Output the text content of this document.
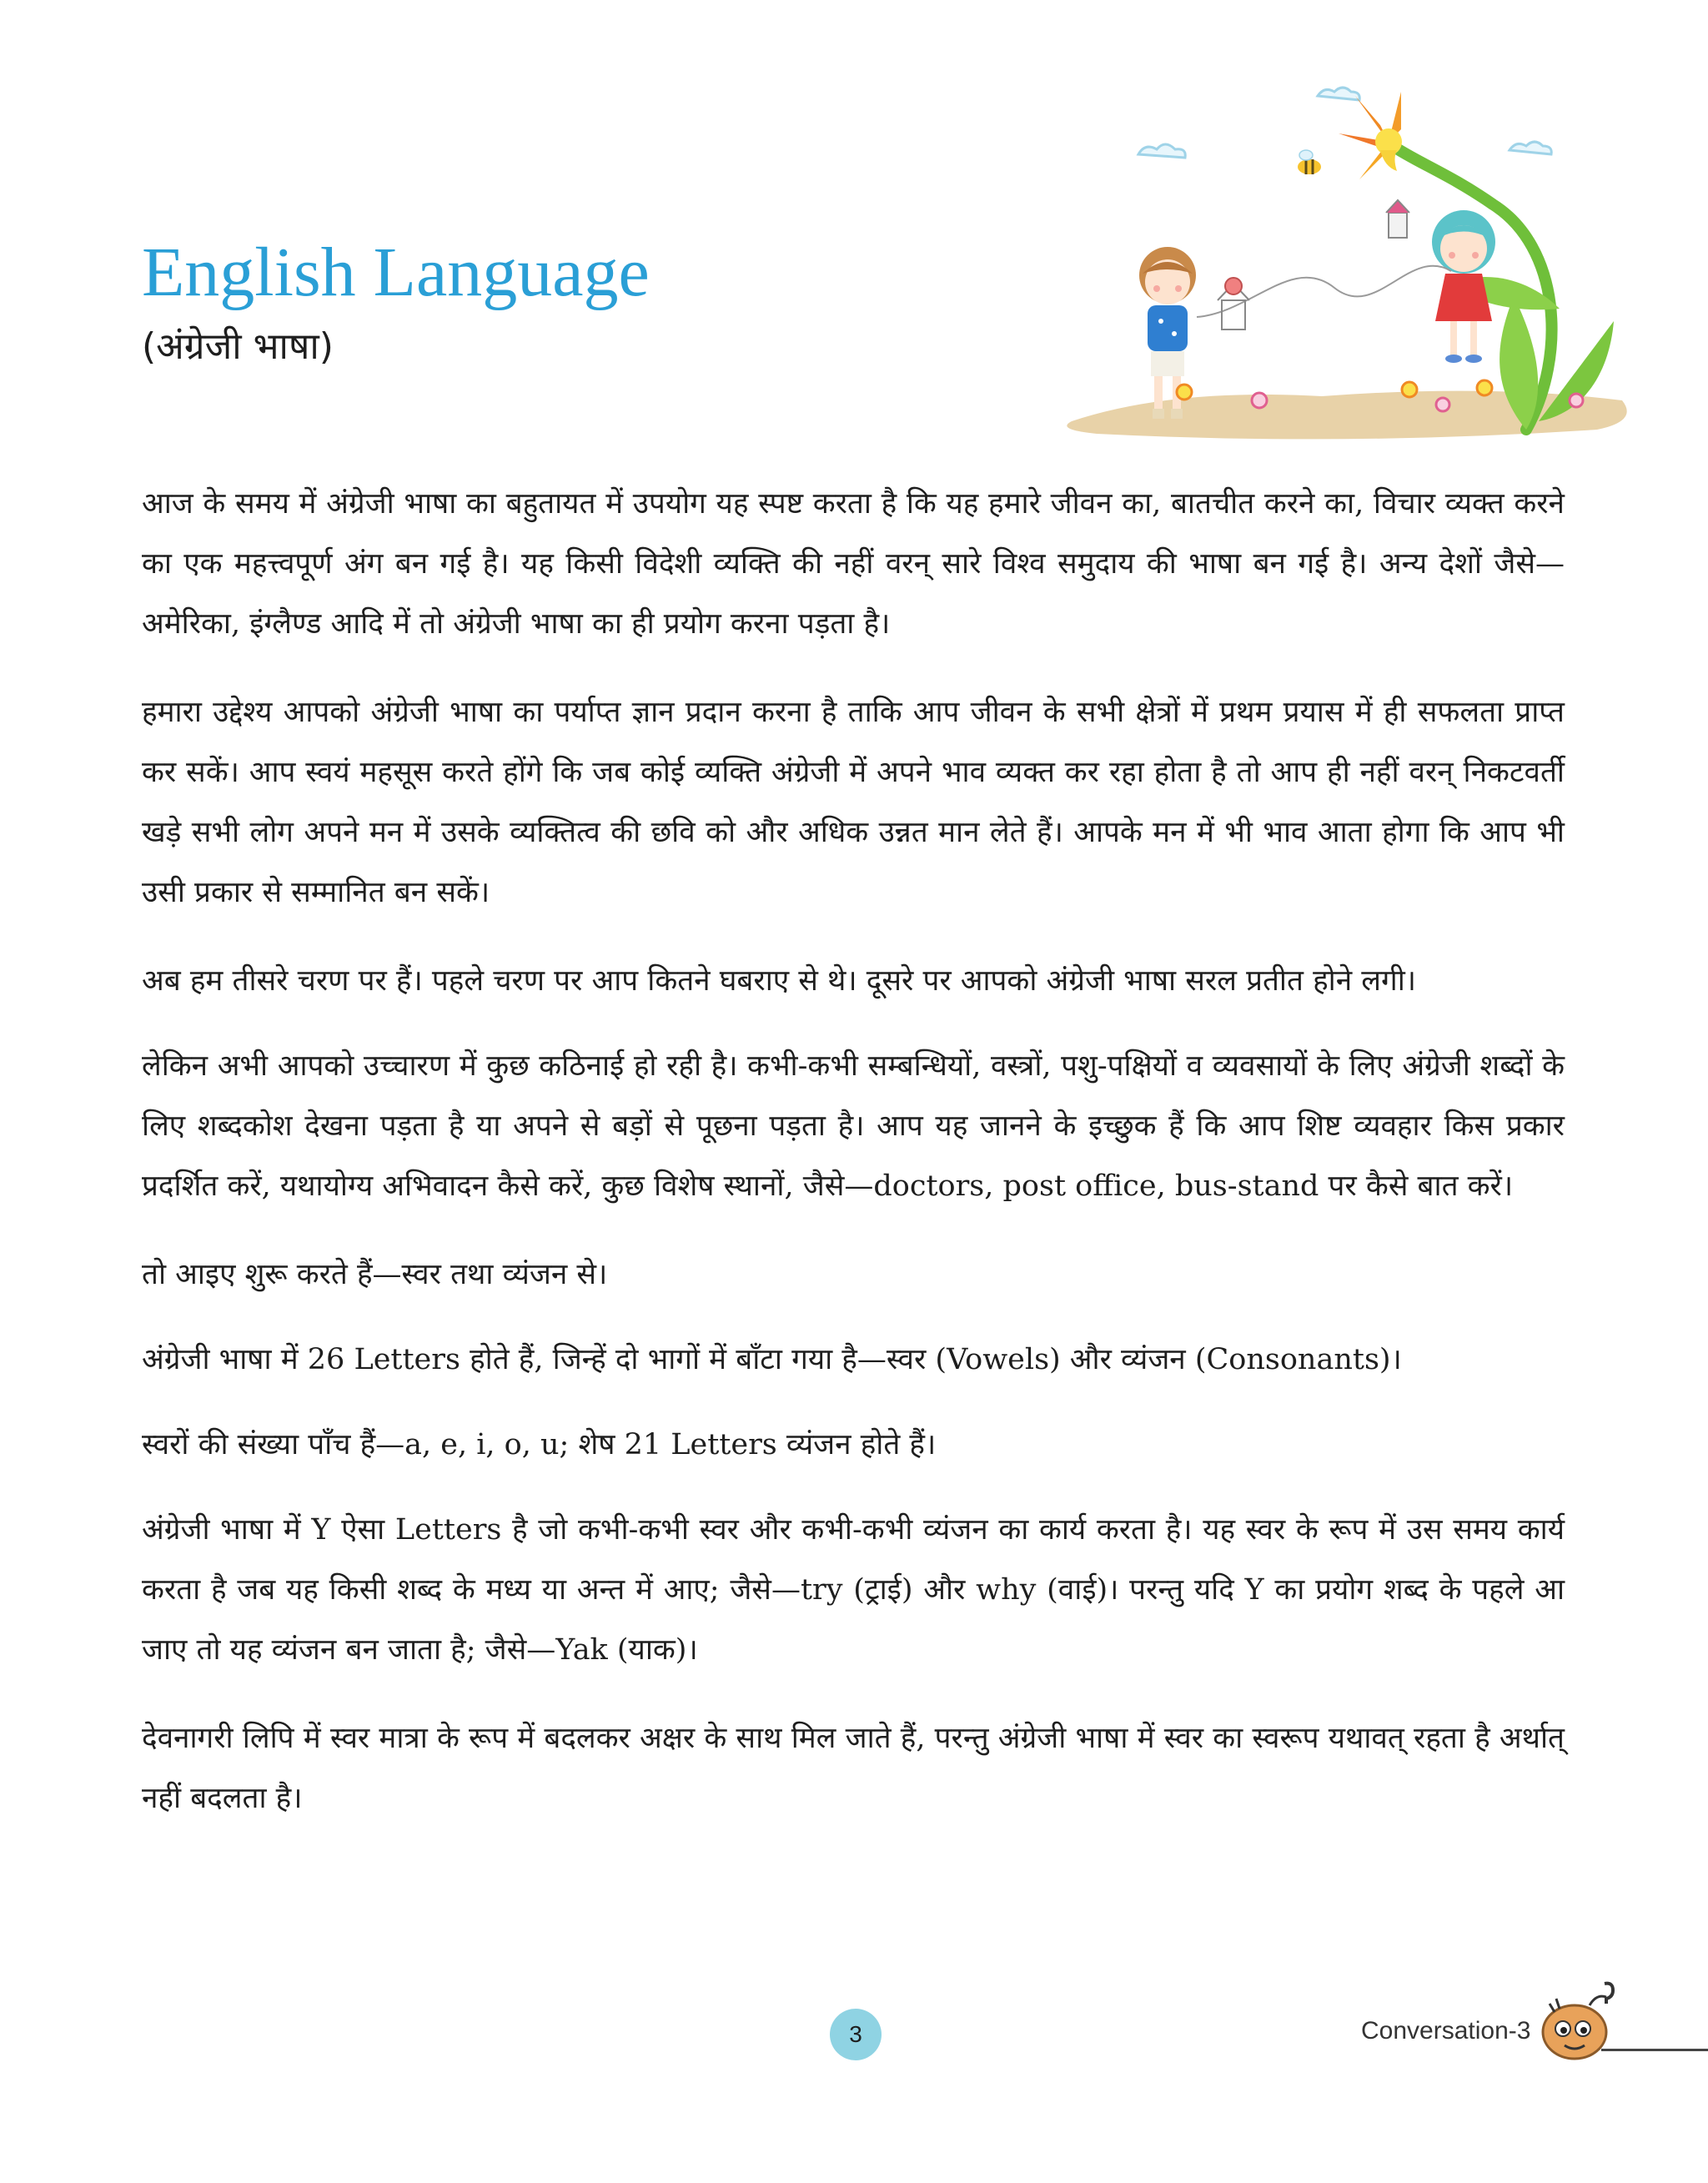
English Language
(अंग्रेजी भाषा)

आज के समय में अंग्रेजी भाषा का बहुतायत में उपयोग यह स्पष्ट करता है कि यह हमारे जीवन का, बातचीत करने का, विचार व्यक्त करने का एक महत्त्वपूर्ण अंग बन गई है। यह किसी विदेशी व्यक्ति की नहीं वरन् सारे विश्व समुदाय की भाषा बन गई है। अन्य देशों जैसे—अमेरिका, इंग्लैण्ड आदि में तो अंग्रेजी भाषा का ही प्रयोग करना पड़ता है।

हमारा उद्देश्य आपको अंग्रेजी भाषा का पर्याप्त ज्ञान प्रदान करना है ताकि आप जीवन के सभी क्षेत्रों में प्रथम प्रयास में ही सफलता प्राप्त कर सकें। आप स्वयं महसूस करते होंगे कि जब कोई व्यक्ति अंग्रेजी में अपने भाव व्यक्त कर रहा होता है तो आप ही नहीं वरन् निकटवर्ती खड़े सभी लोग अपने मन में उसके व्यक्तित्व की छवि को और अधिक उन्नत मान लेते हैं। आपके मन में भी भाव आता होगा कि आप भी उसी प्रकार से सम्मानित बन सकें।

अब हम तीसरे चरण पर हैं। पहले चरण पर आप कितने घबराए से थे। दूसरे पर आपको अंग्रेजी भाषा सरल प्रतीत होने लगी।

लेकिन अभी आपको उच्चारण में कुछ कठिनाई हो रही है। कभी-कभी सम्बन्धियों, वस्त्रों, पशु-पक्षियों व व्यवसायों के लिए अंग्रेजी शब्दों के लिए शब्दकोश देखना पड़ता है या अपने से बड़ों से पूछना पड़ता है। आप यह जानने के इच्छुक हैं कि आप शिष्ट व्यवहार किस प्रकार प्रदर्शित करें, यथायोग्य अभिवादन कैसे करें, कुछ विशेष स्थानों, जैसे—doctors, post office, bus-stand पर कैसे बात करें।

तो आइए शुरू करते हैं—स्वर तथा व्यंजन से।

अंग्रेजी भाषा में 26 Letters होते हैं, जिन्हें दो भागों में बाँटा गया है—स्वर (Vowels) और व्यंजन (Consonants)।

स्वरों की संख्या पाँच हैं—a, e, i, o, u; शेष 21 Letters व्यंजन होते हैं।

अंग्रेजी भाषा में Y ऐसा Letters है जो कभी-कभी स्वर और कभी-कभी व्यंजन का कार्य करता है। यह स्वर के रूप में उस समय कार्य करता है जब यह किसी शब्द के मध्य या अन्त में आए; जैसे—try (ट्राई) और why (वाई)। परन्तु यदि Y का प्रयोग शब्द के पहले आ जाए तो यह व्यंजन बन जाता है; जैसे—Yak (याक)।

देवनागरी लिपि में स्वर मात्रा के रूप में बदलकर अक्षर के साथ मिल जाते हैं, परन्तु अंग्रेजी भाषा में स्वर का स्वरूप यथावत् रहता है अर्थात् नहीं बदलता है।

3	Conversation-3
